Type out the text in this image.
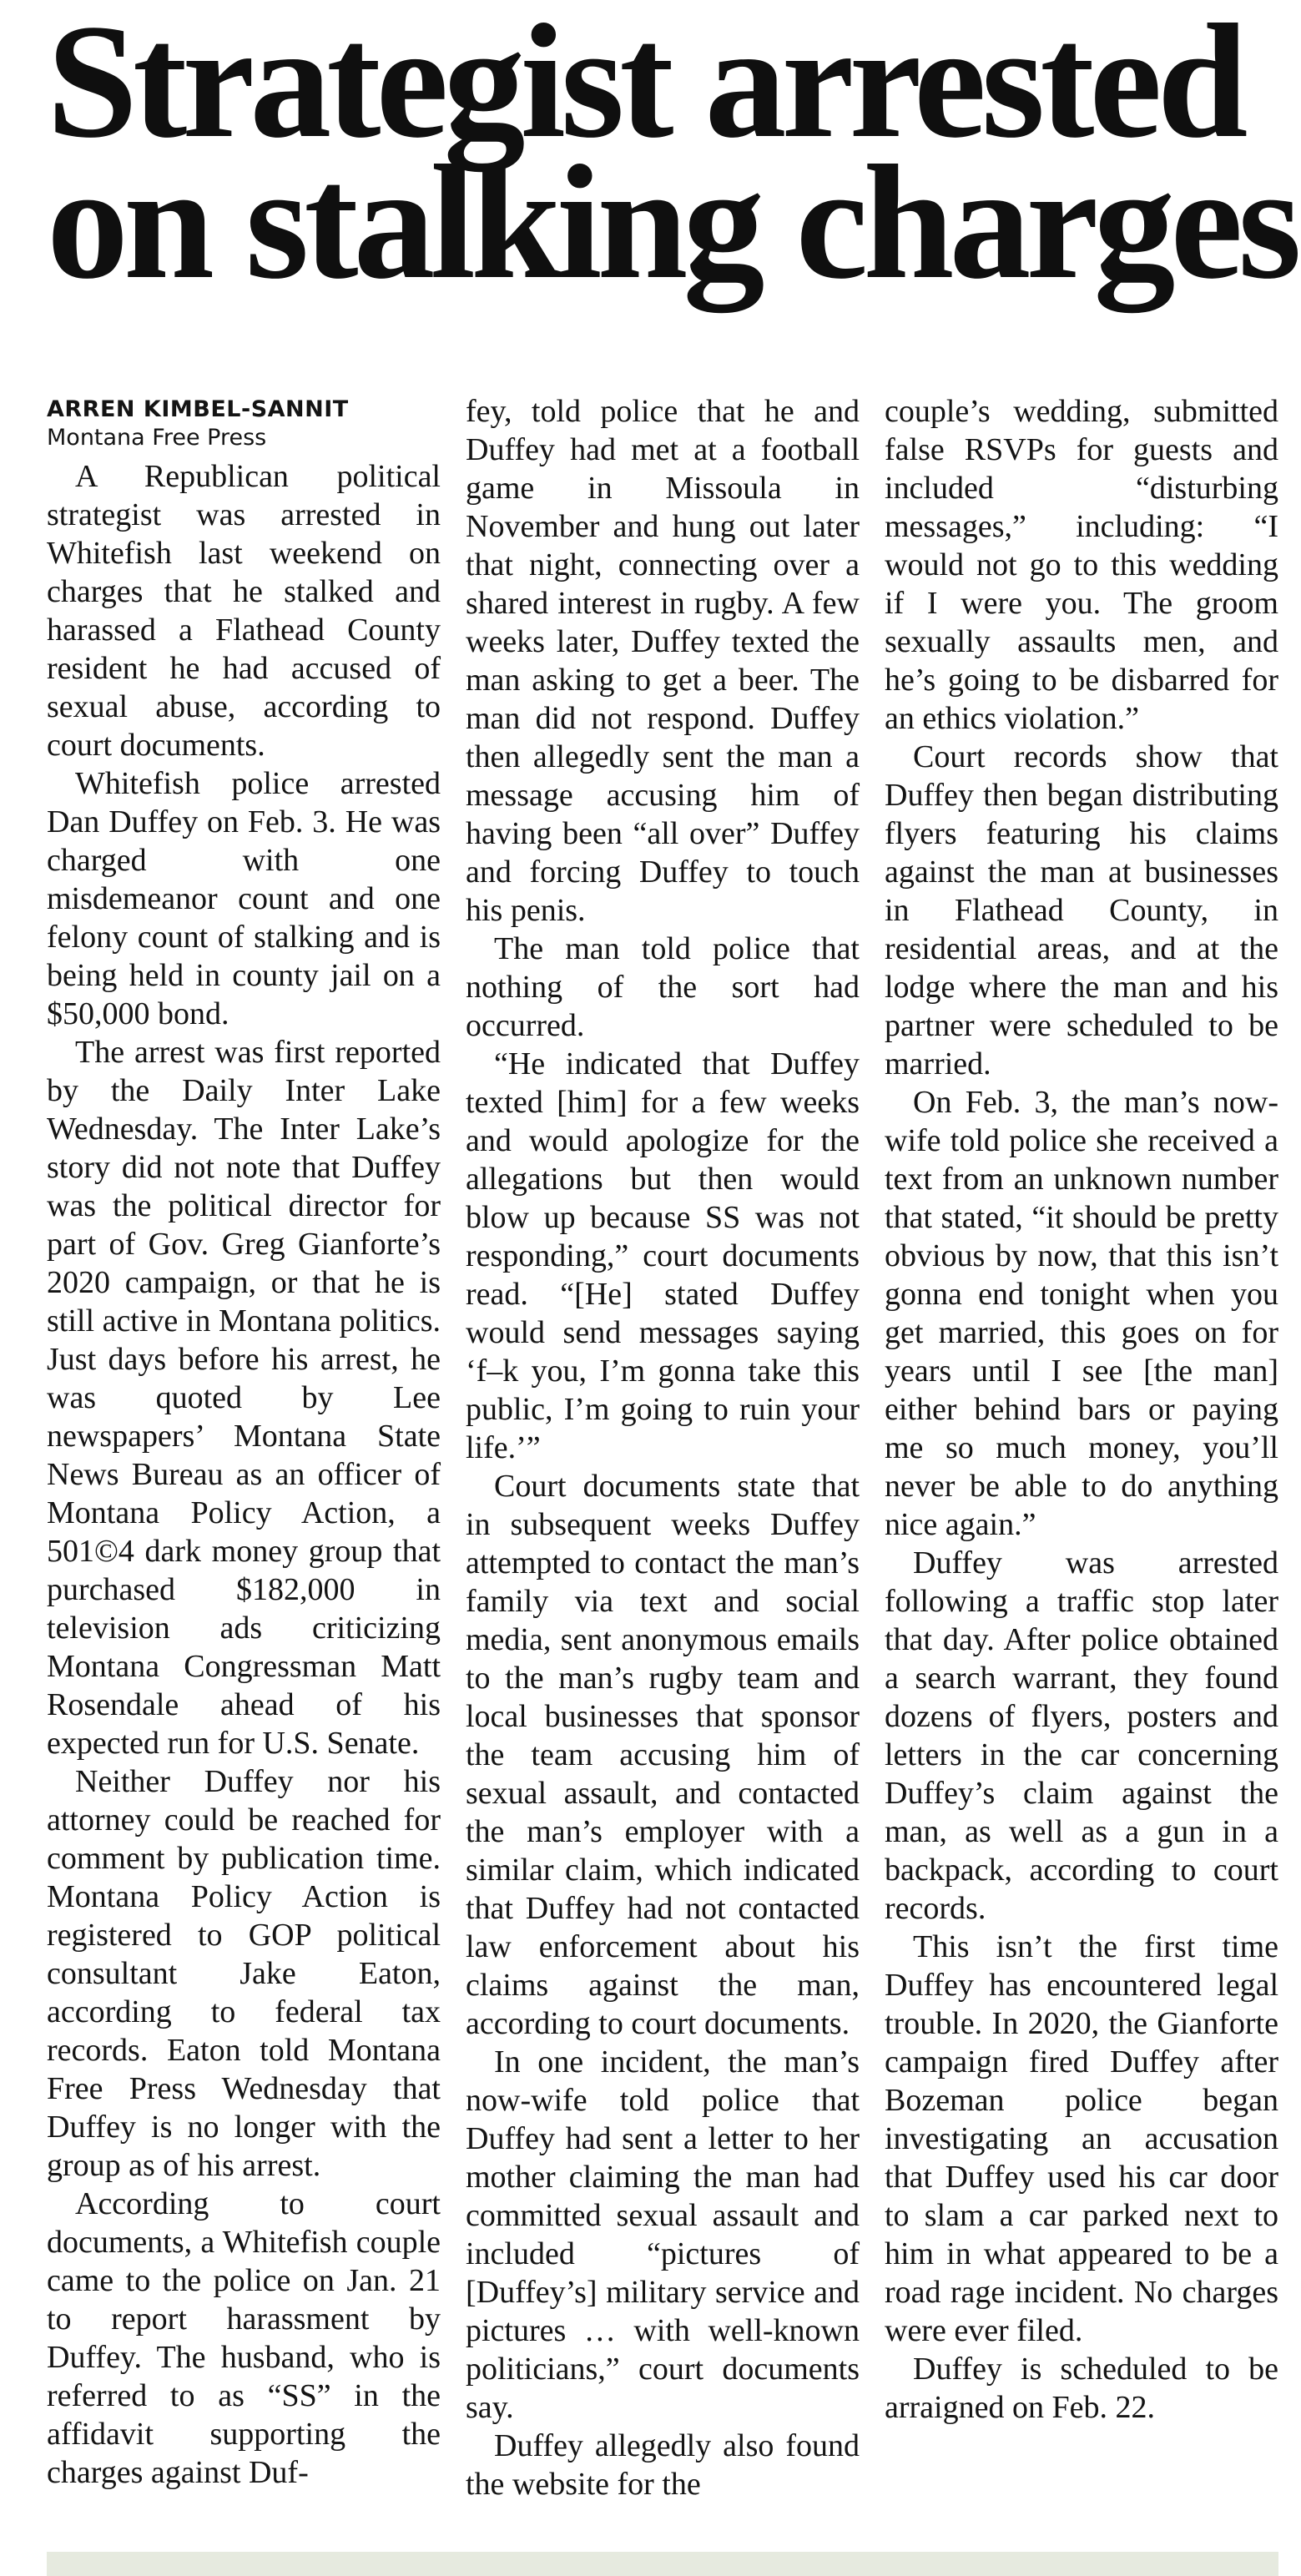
Strategist arrested
on stalking charges
ARREN KIMBEL-SANNIT
Montana Free Press

A Republican political strategist was arrested in Whitefish last weekend on charges that he stalked and harassed a Flathead County resident he had accused of sexual abuse, according to court documents.

Whitefish police arrested Dan Duffey on Feb. 3. He was charged with one misdemeanor count and one felony count of stalking and is being held in county jail on a $50,000 bond.

The arrest was first reported by the Daily Inter Lake Wednesday. The Inter Lake’s story did not note that Duffey was the political director for part of Gov. Greg Gianforte’s 2020 campaign, or that he is still active in Montana politics. Just days before his arrest, he was quoted by Lee newspapers’ Montana State News Bureau as an officer of Montana Policy Action, a 501©4 dark money group that purchased $182,000 in television ads criticizing Montana Congressman Matt Rosendale ahead of his expected run for U.S. Senate.

Neither Duffey nor his attorney could be reached for comment by publication time. Montana Policy Action is registered to GOP political consultant Jake Eaton, according to federal tax records. Eaton told Montana Free Press Wednesday that Duffey is no longer with the group as of his arrest.

According to court documents, a Whitefish couple came to the police on Jan. 21 to report harassment by Duffey. The husband, who is referred to as “SS” in the affidavit supporting the charges against Duf-

fey, told police that he and Duffey had met at a football game in Missoula in November and hung out later that night, connecting over a shared interest in rugby. A few weeks later, Duffey texted the man asking to get a beer. The man did not respond. Duffey then allegedly sent the man a message accusing him of having been “all over” Duffey and forcing Duffey to touch his penis.

The man told police that nothing of the sort had occurred.

“He indicated that Duffey texted [him] for a few weeks and would apologize for the allegations but then would blow up because SS was not responding,” court documents read. “[He] stated Duffey would send messages saying ‘f–k you, I’m gonna take this public, I’m going to ruin your life.’”

Court documents state that in subsequent weeks Duffey attempted to contact the man’s family via text and social media, sent anonymous emails to the man’s rugby team and local businesses that sponsor the team accusing him of sexual assault, and contacted the man’s employer with a similar claim, which indicated that Duffey had not contacted law enforcement about his claims against the man, according to court documents.

In one incident, the man’s now-wife told police that Duffey had sent a letter to her mother claiming the man had committed sexual assault and included “pictures of [Duffey’s] military service and pictures … with well-known politicians,” court documents say.

Duffey allegedly also found the website for the

couple’s wedding, submitted false RSVPs for guests and included “disturbing messages,” including: “I would not go to this wedding if I were you. The groom sexually assaults men, and he’s going to be disbarred for an ethics violation.”

Court records show that Duffey then began distributing flyers featuring his claims against the man at businesses in Flathead County, in residential areas, and at the lodge where the man and his partner were scheduled to be married.

On Feb. 3, the man’s now-wife told police she received a text from an unknown number that stated, “it should be pretty obvious by now, that this isn’t gonna end tonight when you get married, this goes on for years until I see [the man] either behind bars or paying me so much money, you’ll never be able to do anything nice again.”

Duffey was arrested following a traffic stop later that day. After police obtained a search warrant, they found dozens of flyers, posters and letters in the car concerning Duffey’s claim against the man, as well as a gun in a backpack, according to court records.

This isn’t the first time Duffey has encountered legal trouble. In 2020, the Gianforte campaign fired Duffey after Bozeman police began investigating an accusation that Duffey used his car door to slam a car parked next to him in what appeared to be a road rage incident. No charges were ever filed.

Duffey is scheduled to be arraigned on Feb. 22.
